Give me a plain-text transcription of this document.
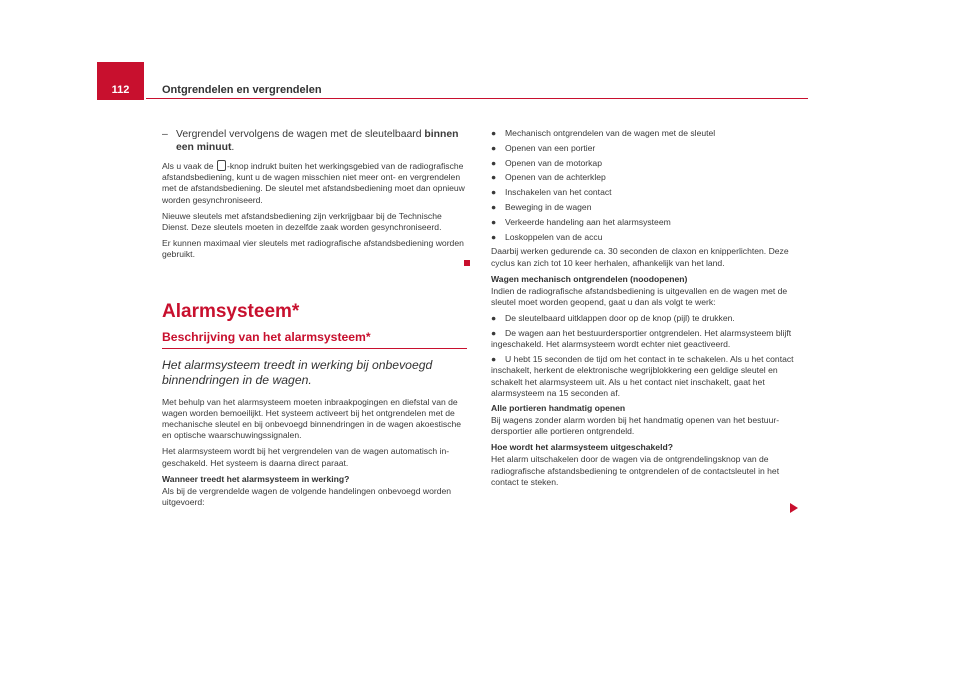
112	Ontgrendelen en vergrendelen
– Vergrendel vervolgens de wagen met de sleutelbaard binnen een minuut.

Als u vaak de -knop indrukt buiten het werkingsgebied van de radiografische afstandsbediening, kunt u de wagen misschien niet meer ont- en vergrendelen met de afstandsbediening. De sleutel met afstandsbediening moet dan opnieuw worden gesynchroniseerd.

Nieuwe sleutels met afstandsbediening zijn verkrijgbaar bij de Technische Dienst. Deze sleutels moeten in dezelfde zaak worden gesynchroniseerd.

Er kunnen maximaal vier sleutels met radiografische afstandsbediening worden gebruikt.

Alarmsysteem*
Beschrijving van het alarmsysteem*
Het alarmsysteem treedt in werking bij onbevoegd binnendringen in de wagen.

Met behulp van het alarmsysteem moeten inbraakpogingen en diefstal van de wagen worden bemoeilijkt. Het systeem activeert bij het ontgrendelen met de mechanische sleutel en bij onbevoegd binnendringen in de wagen akoestische en optische waarschuwingssignalen.

Het alarmsysteem wordt bij het vergrendelen van de wagen automatisch ingeschakeld. Het systeem is daarna direct paraat.

Wanneer treedt het alarmsysteem in werking?

Als bij de vergrendelde wagen de volgende handelingen onbevoegd worden uitgevoerd:

● Mechanisch ontgrendelen van de wagen met de sleutel
● Openen van een portier
● Openen van de motorkap
● Openen van de achterklep
● Inschakelen van het contact
● Beweging in de wagen
● Verkeerde handeling aan het alarmsysteem
● Loskoppelen van de accu

Daarbij werken gedurende ca. 30 seconden de claxon en knipperlichten. Deze cyclus kan zich tot 10 keer herhalen, afhankelijk van het land.

Wagen mechanisch ontgrendelen (noodopenen)

Indien de radiografische afstandsbediening is uitgevallen en de wagen met de sleutel moet worden geopend, gaat u dan als volgt te werk:

● De sleutelbaard uitklappen door op de knop (pijl) te drukken.
● De wagen aan het bestuurdersportier ontgrendelen. Het alarmsysteem blijft ingeschakeld. Het alarmsysteem wordt echter niet geactiveerd.
● U hebt 15 seconden de tijd om het contact in te schakelen. Als u het contact inschakelt, herkent de elektronische wegrijblokkering een geldige sleutel en schakelt het alarmsysteem uit. Als u het contact niet inschakelt, gaat het alarmsysteem na 15 seconden af.
Alle portieren handmatig openen

Bij wagens zonder alarm worden bij het handmatig openen van het bestuurdersportier alle portieren ontgrendeld.

Hoe wordt het alarmsysteem uitgeschakeld?

Het alarm uitschakelen door de wagen via de ontgrendelingsknop van de radiografische afstandsbediening te ontgrendelen of de contactsleutel in het contact te steken.
